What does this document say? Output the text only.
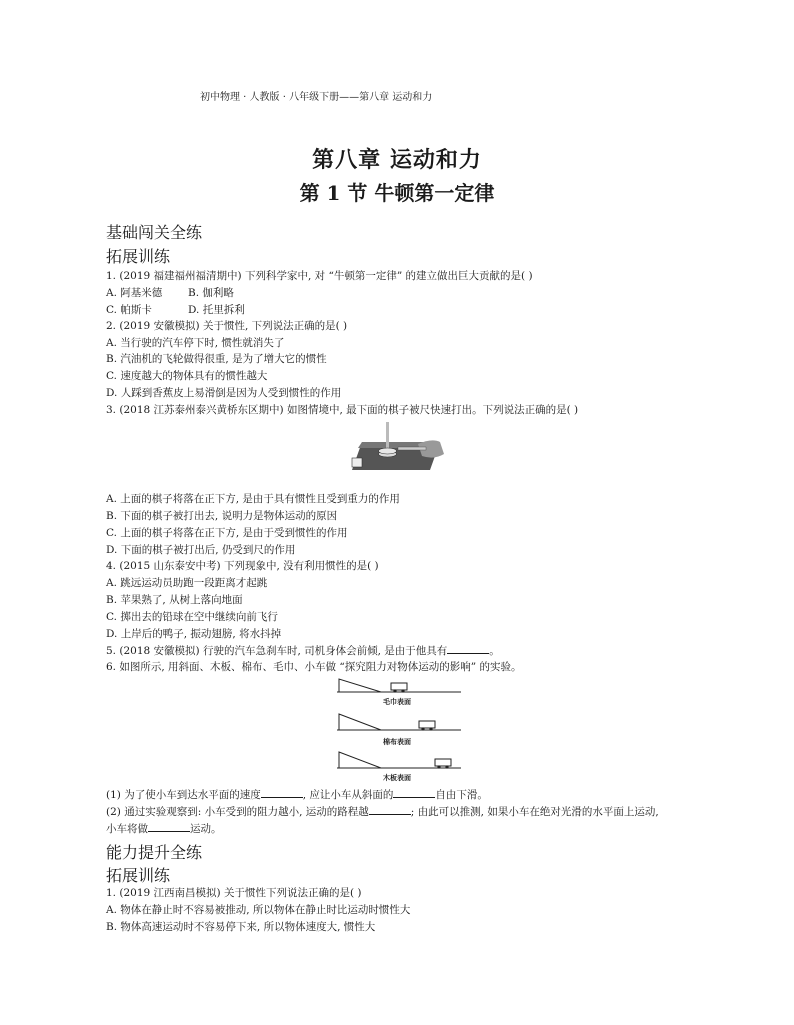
初中物理 · 人教版 · 八年级下册——第八章 运动和力
第八章 运动和力
第 1 节 牛顿第一定律
基础闯关全练
拓展训练
1. (2019 福建福州福清期中) 下列科学家中, 对 “牛顿第一定律” 的建立做出巨大贡献的是( )
A. 阿基米德 B. 伽利略
C. 帕斯卡	D. 托里拆利
2. (2019 安徽模拟) 关于惯性, 下列说法正确的是( )
A. 当行驶的汽车停下时, 惯性就消失了
B. 汽油机的飞轮做得很重, 是为了增大它的惯性
C. 速度越大的物体具有的惯性越大
D. 人踩到香蕉皮上易滑倒是因为人受到惯性的作用
3. (2018 江苏泰州泰兴黄桥东区期中) 如图情境中, 最下面的棋子被尺快速打出。下列说法正确的是( )
A. 上面的棋子将落在正下方, 是由于具有惯性且受到重力的作用
B. 下面的棋子被打出去, 说明力是物体运动的原因
C. 上面的棋子将落在正下方, 是由于受到惯性的作用
D. 下面的棋子被打出后, 仍受到尺的作用
4. (2015 山东泰安中考) 下列现象中, 没有利用惯性的是( )
A. 跳远运动员助跑一段距离才起跳
B. 苹果熟了, 从树上落向地面
C. 掷出去的铅球在空中继续向前飞行
D. 上岸后的鸭子, 振动翅膀, 将水抖掉
5. (2018 安徽模拟) 行驶的汽车急刹车时, 司机身体会前倾, 是由于他具有	。
6. 如图所示, 用斜面、木板、棉布、毛巾、小车做 “探究阻力对物体运动的影响” 的实验。
毛巾表面
棉布表面
木板表面
(1) 为了使小车到达水平面的速度	, 应让小车从斜面的	自由下滑。
(2) 通过实验观察到: 小车受到的阻力越小, 运动的路程越	; 由此可以推测, 如果小车在绝对光滑的水平面上运动,
小车将做	运动。
能力提升全练
拓展训练
1. (2019 江西南昌模拟) 关于惯性下列说法正确的是( )
A. 物体在静止时不容易被推动, 所以物体在静止时比运动时惯性大
B. 物体高速运动时不容易停下来, 所以物体速度大, 惯性大
